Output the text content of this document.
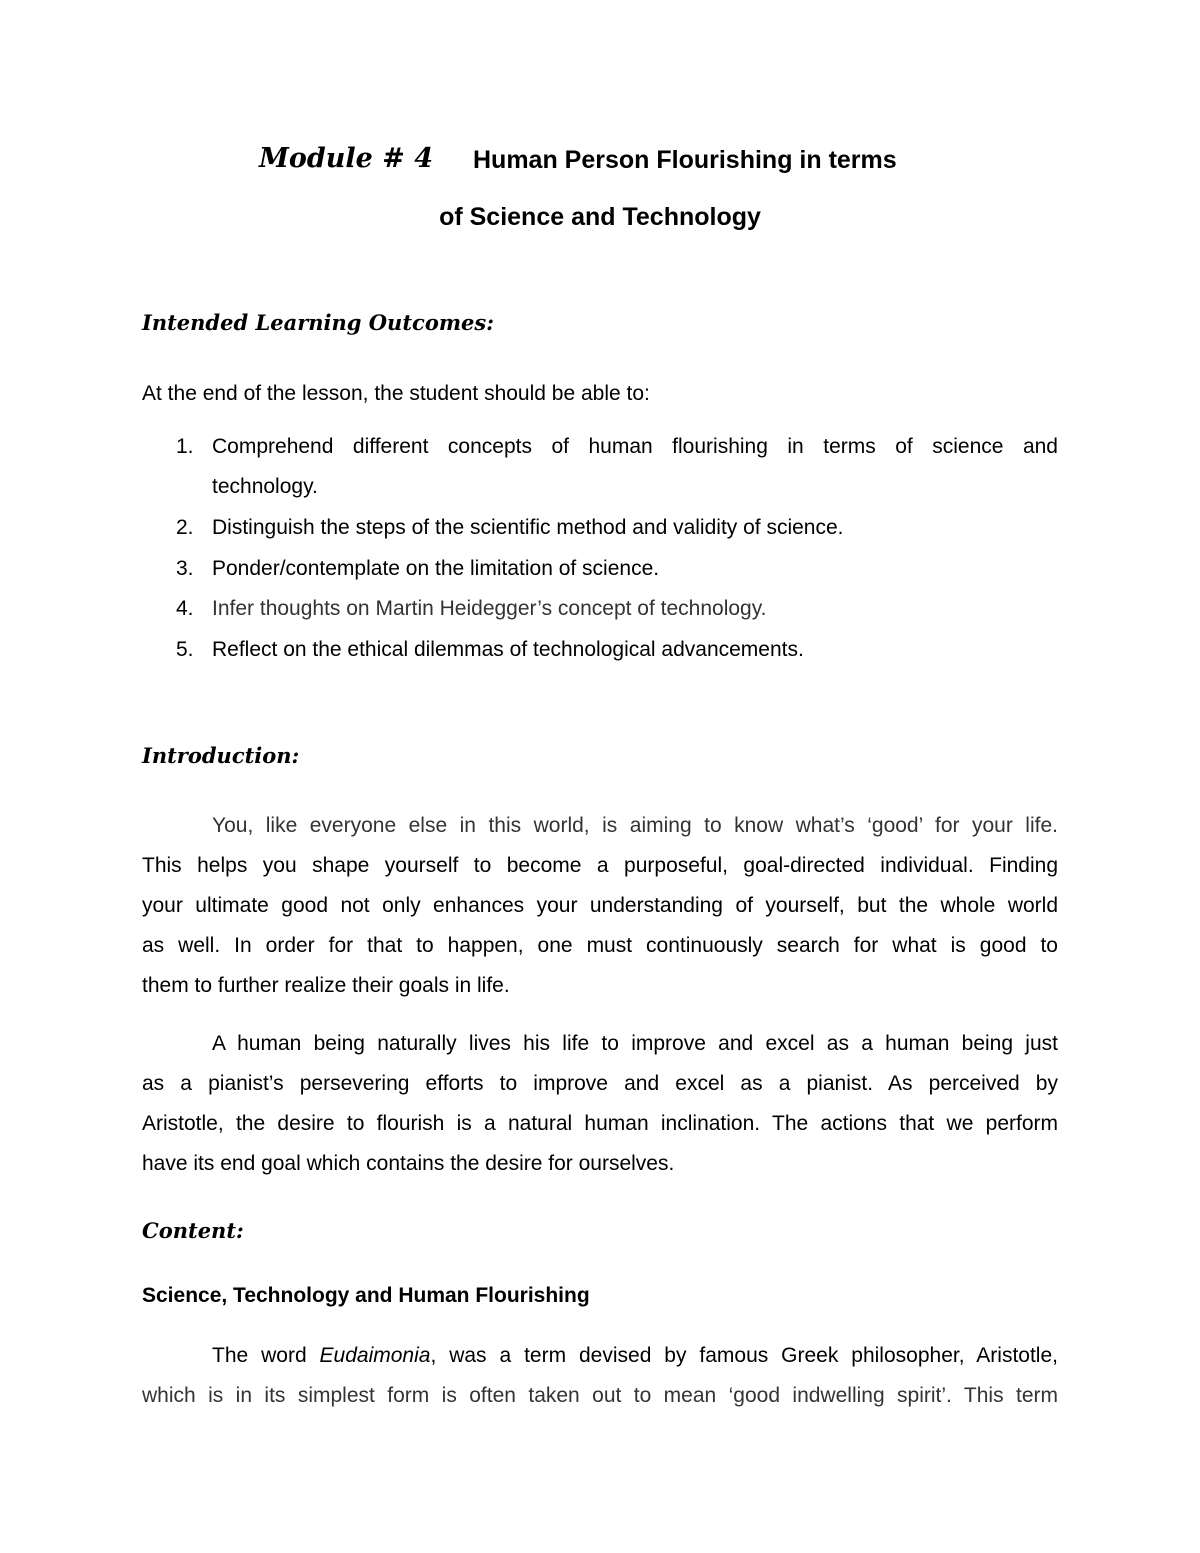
Module # 4 Human Person Flourishing in terms
of Science and Technology
Intended Learning Outcomes:
At the end of the lesson, the student should be able to:
1. Comprehend different concepts of human flourishing in terms of science and
technology.
2. Distinguish the steps of the scientific method and validity of science.
3. Ponder/contemplate on the limitation of science.
4. Infer thoughts on Martin Heidegger’s concept of technology.
5. Reflect on the ethical dilemmas of technological advancements.
Introduction:
You, like everyone else in this world, is aiming to know what’s ‘good’ for your life.
This helps you shape yourself to become a purposeful, goal-directed individual. Finding
your ultimate good not only enhances your understanding of yourself, but the whole world
as well. In order for that to happen, one must continuously search for what is good to
them to further realize their goals in life.
A human being naturally lives his life to improve and excel as a human being just
as a pianist’s persevering efforts to improve and excel as a pianist. As perceived by
Aristotle, the desire to flourish is a natural human inclination. The actions that we perform
have its end goal which contains the desire for ourselves.
Content:
Science, Technology and Human Flourishing
The word Eudaimonia, was a term devised by famous Greek philosopher, Aristotle,
which is in its simplest form is often taken out to mean ‘good indwelling spirit’. This term
